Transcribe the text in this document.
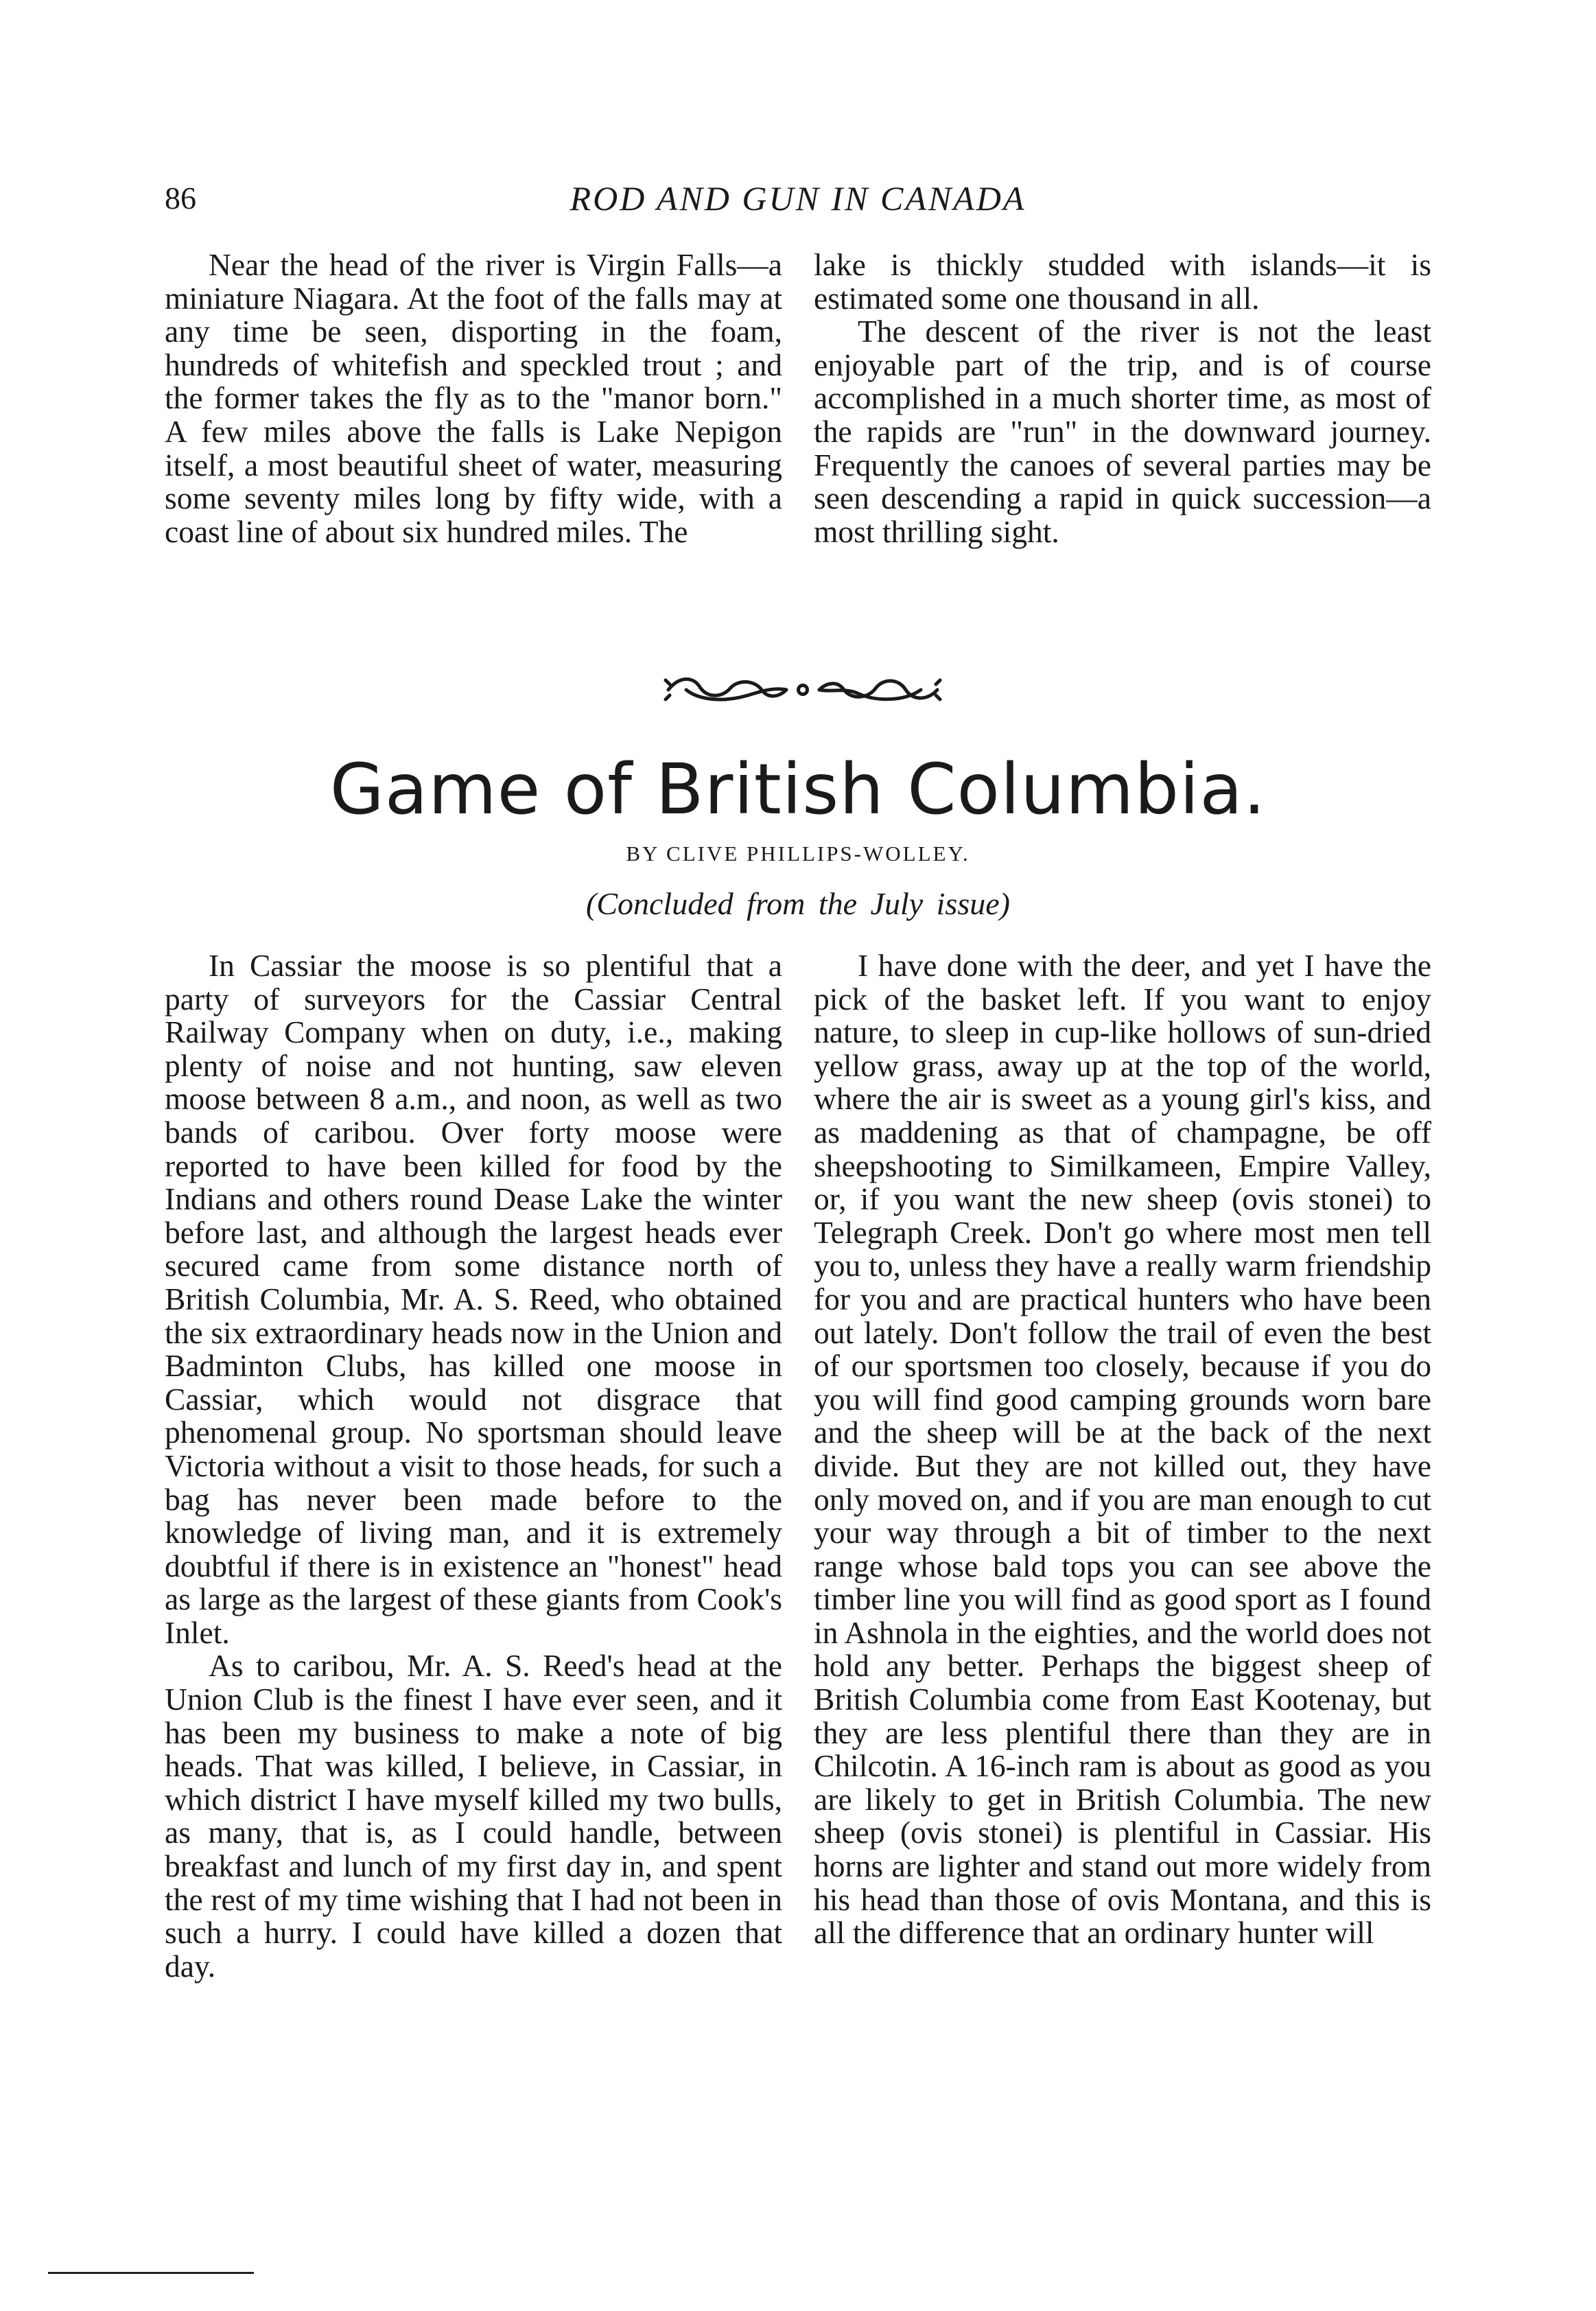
86	ROD AND GUN IN CANADA

Near the head of the river is Virgin Falls—a miniature Niagara. At the foot of the falls may at any time be seen, disporting in the foam, hundreds of whitefish and speckled trout ; and the former takes the fly as to the "manor born." A few miles above the falls is Lake Nepigon itself, a most beautiful sheet of water, measuring some seventy miles long by fifty wide, with a coast line of about six hundred miles. The

lake is thickly studded with islands—it is estimated some one thousand in all.

The descent of the river is not the least enjoyable part of the trip, and is of course accomplished in a much shorter time, as most of the rapids are "run" in the downward journey. Frequently the canoes of several parties may be seen descending a rapid in quick succession—a most thrilling sight.

Game of British Columbia.
BY CLIVE PHILLIPS-WOLLEY.
(Concluded from the July issue)

In Cassiar the moose is so plentiful that a party of surveyors for the Cassiar Central Railway Company when on duty, i.e., making plenty of noise and not hunting, saw eleven moose between 8 a.m., and noon, as well as two bands of caribou. Over forty moose were reported to have been killed for food by the Indians and others round Dease Lake the winter before last, and although the largest heads ever secured came from some distance north of British Columbia, Mr. A. S. Reed, who obtained the six extraordinary heads now in the Union and Badminton Clubs, has killed one moose in Cassiar, which would not disgrace that phenomenal group. No sportsman should leave Victoria without a visit to those heads, for such a bag has never been made before to the knowledge of living man, and it is extremely doubtful if there is in existence an "honest" head as large as the largest of these giants from Cook's Inlet.

As to caribou, Mr. A. S. Reed's head at the Union Club is the finest I have ever seen, and it has been my business to make a note of big heads. That was killed, I believe, in Cassiar, in which district I have myself killed my two bulls, as many, that is, as I could handle, between breakfast and lunch of my first day in, and spent the rest of my time wishing that I had not been in such a hurry. I could have killed a dozen that day.

I have done with the deer, and yet I have the pick of the basket left. If you want to enjoy nature, to sleep in cup-like hollows of sun-dried yellow grass, away up at the top of the world, where the air is sweet as a young girl's kiss, and as maddening as that of champagne, be off sheepshooting to Similkameen, Empire Valley, or, if you want the new sheep (ovis stonei) to Telegraph Creek. Don't go where most men tell you to, unless they have a really warm friendship for you and are practical hunters who have been out lately. Don't follow the trail of even the best of our sportsmen too closely, because if you do you will find good camping grounds worn bare and the sheep will be at the back of the next divide. But they are not killed out, they have only moved on, and if you are man enough to cut your way through a bit of timber to the next range whose bald tops you can see above the timber line you will find as good sport as I found in Ashnola in the eighties, and the world does not hold any better. Perhaps the biggest sheep of British Columbia come from East Kootenay, but they are less plentiful there than they are in Chilcotin. A 16-inch ram is about as good as you are likely to get in British Columbia. The new sheep (ovis stonei) is plentiful in Cassiar. His horns are lighter and stand out more widely from his head than those of ovis Montana, and this is all the difference that an ordinary hunter will
